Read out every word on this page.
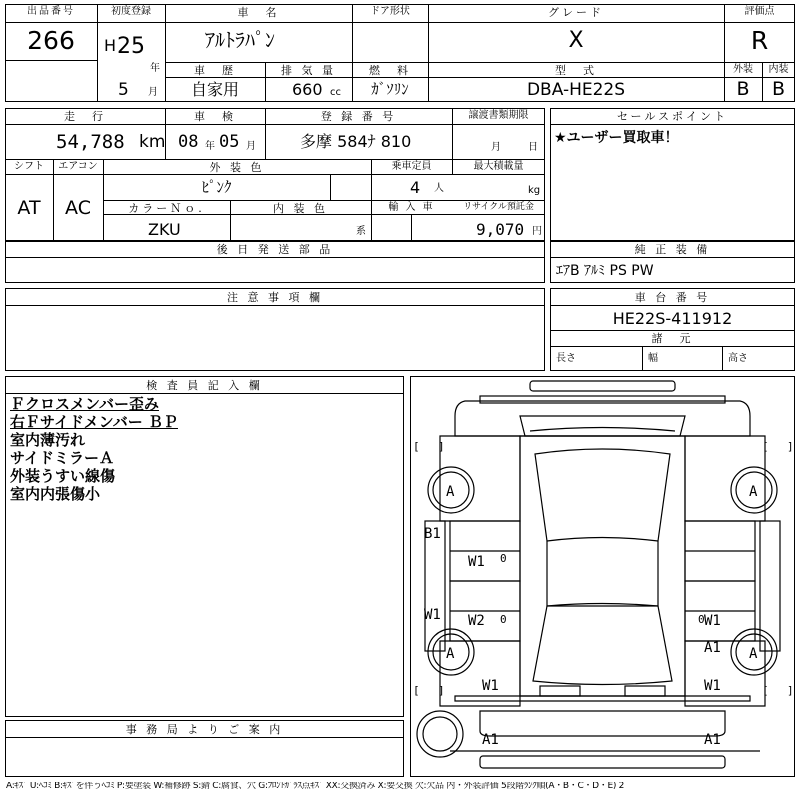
出品番号
266
初度登録
H 25
年
5 月
車　名
ｱﾙﾄﾗﾊﾟﾝ
ドア形状	グレード
X
評価点
R
車　歴
自家用
排 気 量
660 cc
燃　料
ｶﾞｿﾘﾝ
型　式
DBA-HE22S
外装	内装
B	B
走　行
54,788 km
車　検
08 年 05 月
登 録 番 号
多摩 584ﾅ 810
譲渡書類期限
月	日
シフト
AT
エアコン
AC
外 装 色
ﾋﾟﾝｸ
乗車定員
4 人
最大積載量
kg
カラーＮｏ.
ZKU
内 装 色
系
輸 入 車	リサイクル預託金
9,070 円
セールスポイント
★ユーザー買取車！
後 日 発 送 部 品	純 正 装 備
ｴｱB ｱﾙﾐ PS PW
注 意 事 項 欄	車 台 番 号
HE22S-411912
諸　元
長さ	幅	高さ
検 査 員 記 入 欄
Ｆクロスメンバー歪み
右Ｆサイドメンバー ＢＰ
室内薄汚れ
サイドミラーＡ
外装うすい線傷
室内内張傷小
事 務 局 よ り ご 案 内
A	A
A	A
B1
W1
W1 W2
W1
W1
A1
W1
A1	A1
0
0	0
[ ]	[ ]
[ ]	[ ]
A:ｷｽﾞ U:ﾍｺﾐ B:ｷｽﾞを伴うﾍｺﾐ P:要塗装 W:補修跡 S:錆 C:腐食、穴 G:ﾌﾛﾝﾄｶﾞﾗｽ点ｷｽﾞ XX:交換済み X:要交換 欠:欠品 内・外装評価 5段階ﾗﾝｸ順(A・B・C・D・E) 2
